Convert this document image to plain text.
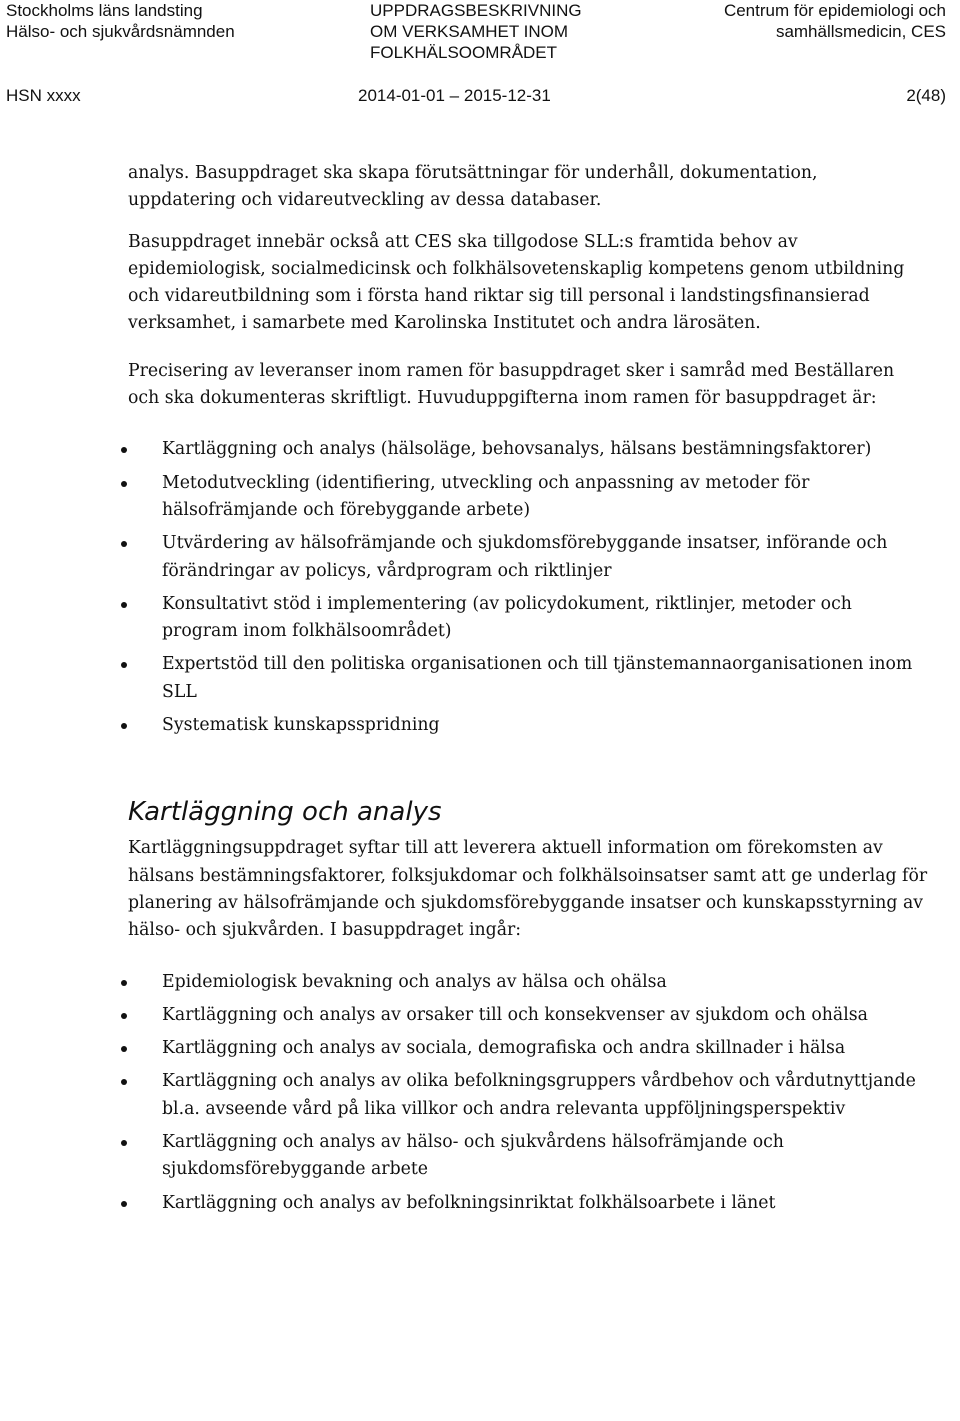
Stockholms läns landsting
Hälso- och sjukvårdsnämnden
UPPDRAGSBESKRIVNING
OM VERKSAMHET INOM
FOLKHÄLSOOMRÅDET
Centrum för epidemiologi och
samhällsmedicin, CES
HSN xxxx	2014-01-01 – 2015-12-31	2(48)

analys. Basuppdraget ska skapa förutsättningar för underhåll, dokumentation, uppdatering och vidareutveckling av dessa databaser.

Basuppdraget innebär också att CES ska tillgodose SLL:s framtida behov av epidemiologisk, socialmedicinsk och folkhälsovetenskaplig kompetens genom utbildning och vidareutbildning som i första hand riktar sig till personal i landstingsfinansierad verksamhet, i samarbete med Karolinska Institutet och andra lärosäten.

Precisering av leveranser inom ramen för basuppdraget sker i samråd med Beställaren och ska dokumenteras skriftligt. Huvuduppgifterna inom ramen för basuppdraget är:

Kartläggning och analys (hälsoläge, behovsanalys, hälsans bestämningsfaktorer)
Metodutveckling (identifiering, utveckling och anpassning av metoder för hälsofrämjande och förebyggande arbete)
Utvärdering av hälsofrämjande och sjukdomsförebyggande insatser, införande och förändringar av policys, vårdprogram och riktlinjer
Konsultativt stöd i implementering (av policydokument, riktlinjer, metoder och program inom folkhälsoområdet)
Expertstöd till den politiska organisationen och till tjänstemannaorganisationen inom SLL
Systematisk kunskapsspridning
Kartläggning och analys

Kartläggningsuppdraget syftar till att leverera aktuell information om förekomsten av hälsans bestämningsfaktorer, folksjukdomar och folkhälsoinsatser samt att ge underlag för planering av hälsofrämjande och sjukdomsförebyggande insatser och kunskapsstyrning av hälso- och sjukvården. I basuppdraget ingår:

Epidemiologisk bevakning och analys av hälsa och ohälsa
Kartläggning och analys av orsaker till och konsekvenser av sjukdom och ohälsa
Kartläggning och analys av sociala, demografiska och andra skillnader i hälsa
Kartläggning och analys av olika befolkningsgruppers vårdbehov och vårdutnyttjande bl.a. avseende vård på lika villkor och andra relevanta uppföljningsperspektiv
Kartläggning och analys av hälso- och sjukvårdens hälsofrämjande och sjukdomsförebyggande arbete
Kartläggning och analys av befolkningsinriktat folkhälsoarbete i länet
